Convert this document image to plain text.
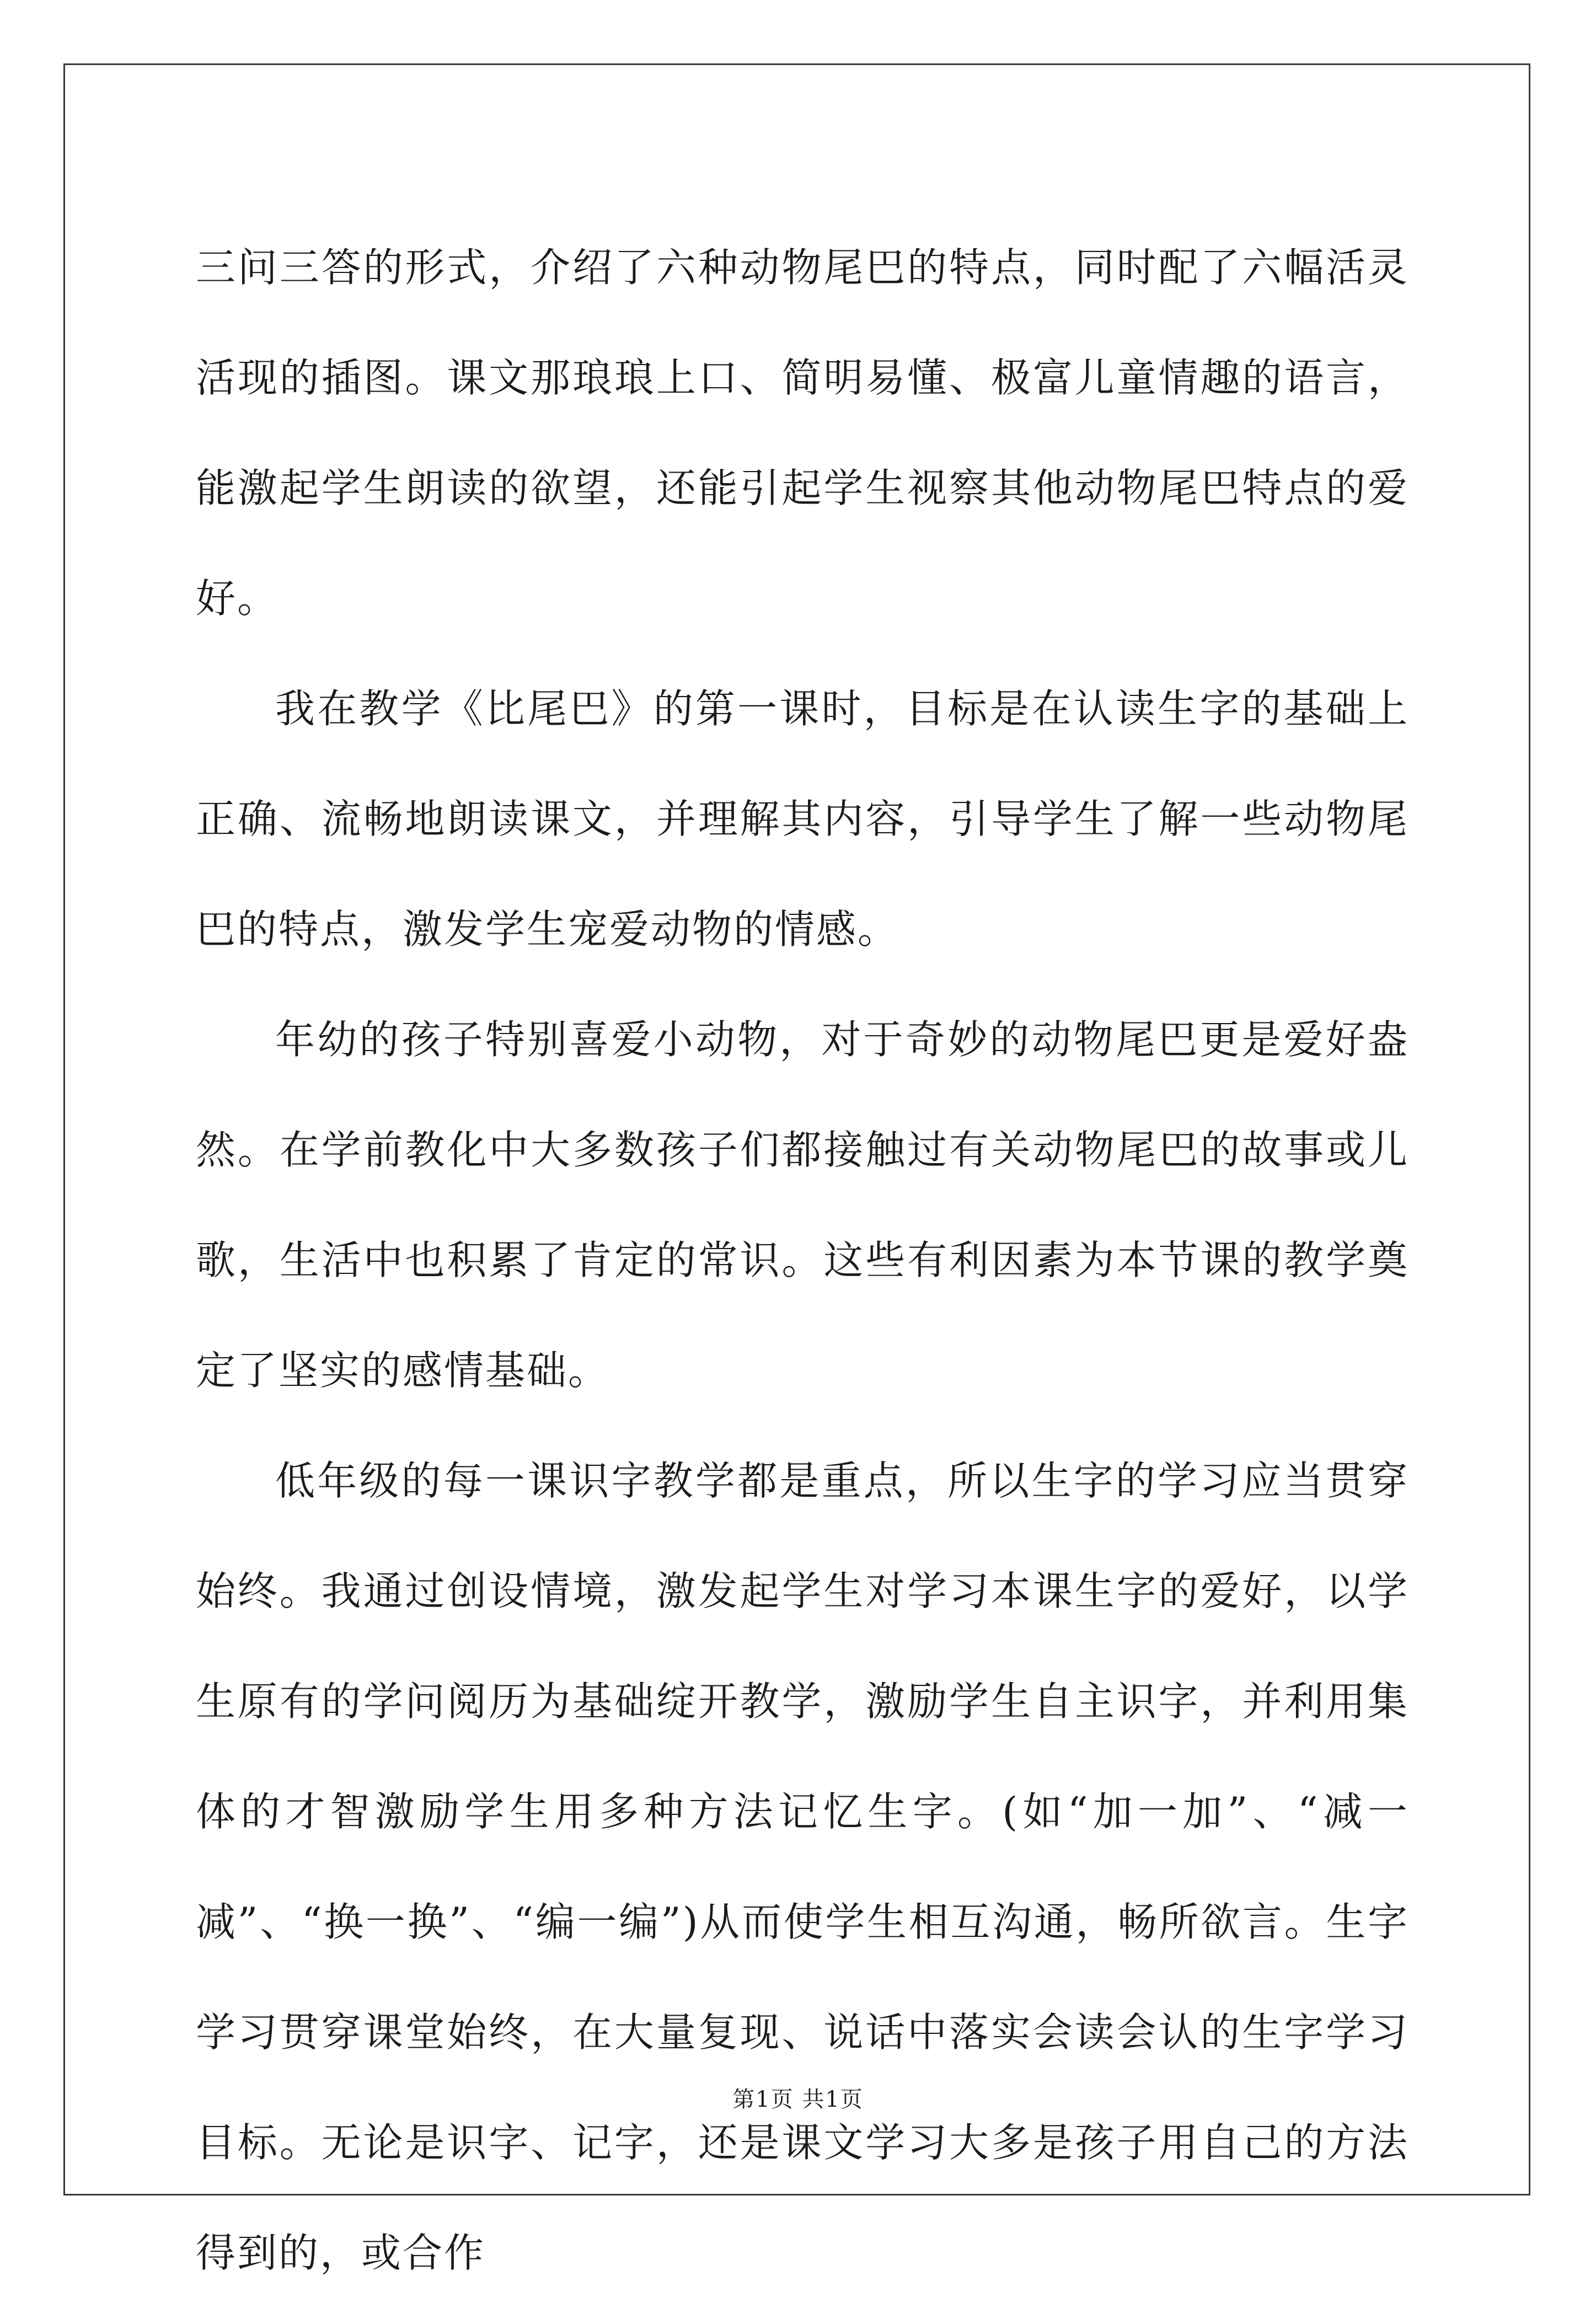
三问三答的形式，介绍了六种动物尾巴的特点，同时配了六幅活灵活现的插图。课文那琅琅上口、简明易懂、极富儿童情趣的语言，能激起学生朗读的欲望，还能引起学生视察其他动物尾巴特点的爱好。

我在教学《比尾巴》的第一课时，目标是在认读生字的基础上正确、流畅地朗读课文，并理解其内容，引导学生了解一些动物尾巴的特点，激发学生宠爱动物的情感。

年幼的孩子特别喜爱小动物，对于奇妙的动物尾巴更是爱好盎然。在学前教化中大多数孩子们都接触过有关动物尾巴的故事或儿歌，生活中也积累了肯定的常识。这些有利因素为本节课的教学奠定了坚实的感情基础。

低年级的每一课识字教学都是重点，所以生字的学习应当贯穿始终。我通过创设情境，激发起学生对学习本课生字的爱好，以学生原有的学问阅历为基础绽开教学，激励学生自主识字，并利用集体的才智激励学生用多种方法记忆生字。(如“加一加”、“减一减”、“换一换”、“编一编”)从而使学生相互沟通，畅所欲言。生字学习贯穿课堂始终，在大量复现、说话中落实会读会认的生字学习目标。无论是识字、记字，还是课文学习大多是孩子用自己的方法得到的，或合作

第1页 共1页
